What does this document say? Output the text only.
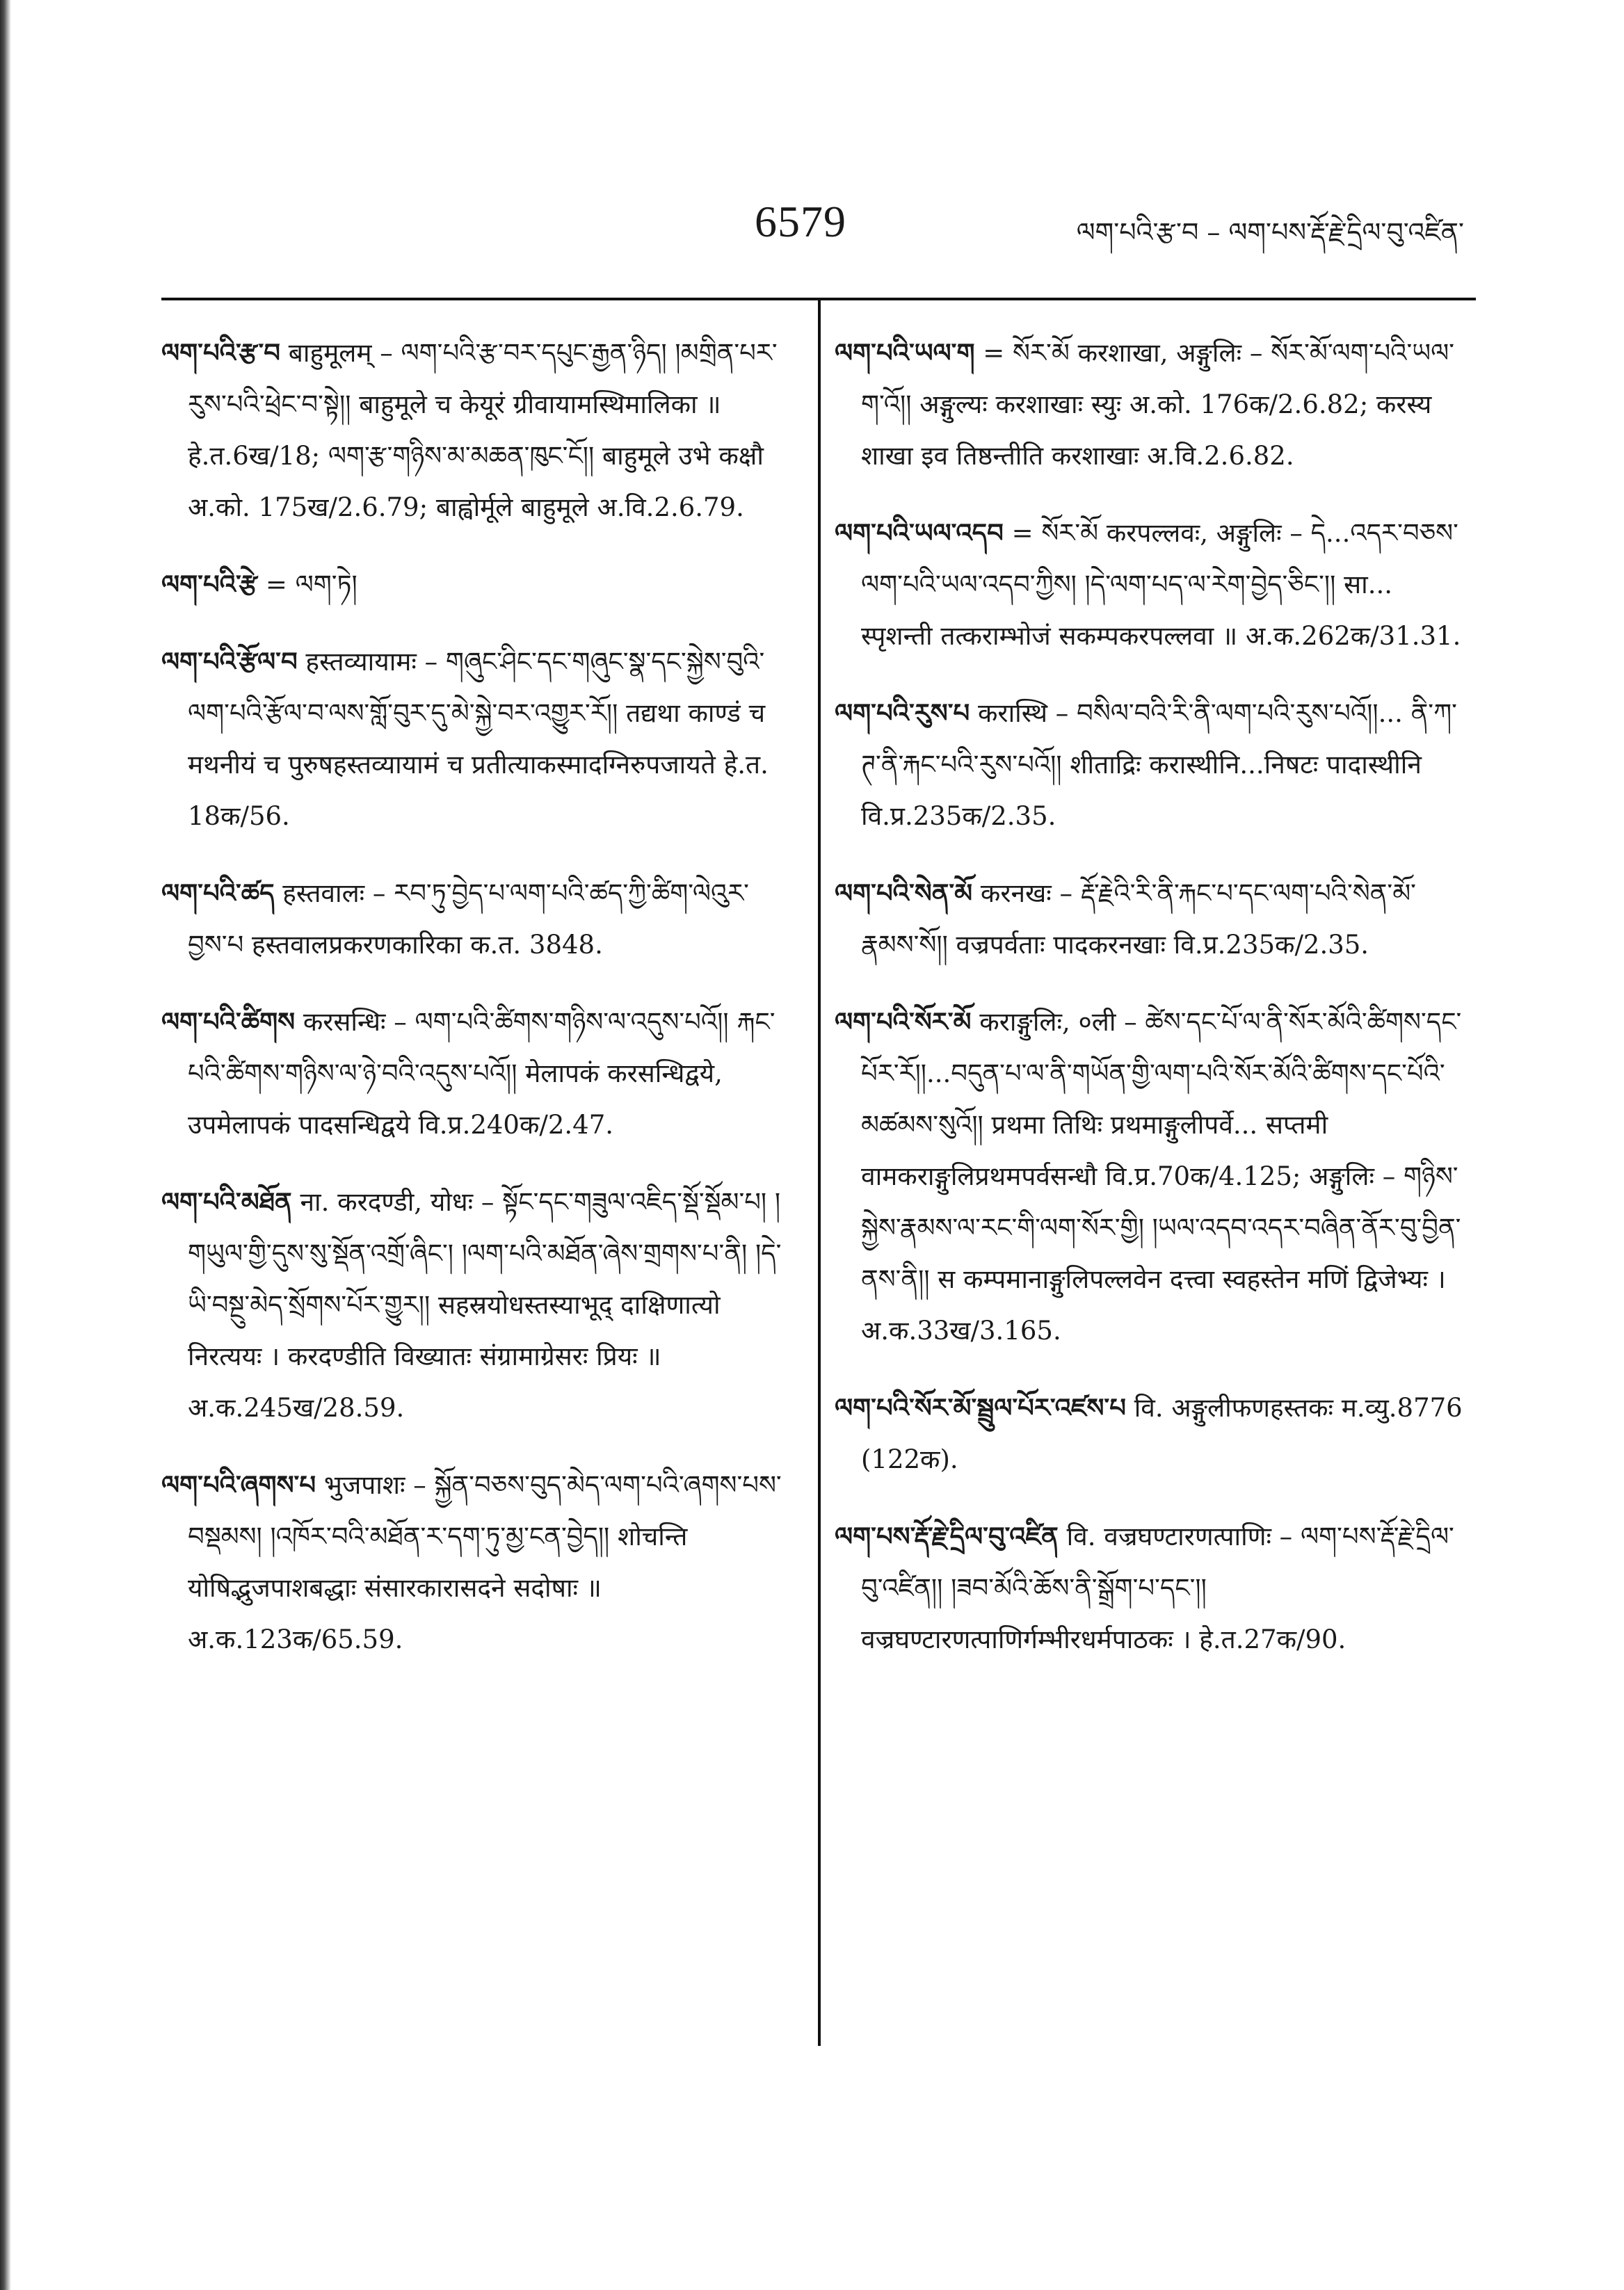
6579	ལག་པའི་རྩ་བ – ལག་པས་རྡོ་རྗེ་དྲིལ་བུ་འཛིན་

ལག་པའི་རྩ་བ बाहुमूलम् – ལག་པའི་རྩ་བར་དཔུང་རྒྱན་ཉིད། །མགྲིན་པར་རུས་པའི་ཕྲེང་བ་སྟེ།། बाहुमूले च केयूरं ग्रीवायामस्थिमालिका ॥ हे.त.6ख/18; ལག་རྩ་གཉིས་མ་མཆན་ཁུང་ངོ།། बाहुमूले उभे कक्षौ अ.को. 175ख/2.6.79; बाह्वोर्मूले बाहुमूले अ.वि.2.6.79.

ལག་པའི་རྩེ = ལག་ཏེ།

ལག་པའི་རྩོལ་བ हस्तव्यायामः – གཞུང་ཤིང་དང་གཞུང་སྣ་དང་སྐྱེས་བུའི་ལག་པའི་རྩོལ་བ་ལས་གློ་བུར་དུ་མེ་སྐྱེ་བར་འགྱུར་རོ།། तद्यथा काण्डं च मथनीयं च पुरुषहस्तव्यायामं च प्रतीत्याकस्मादग्निरुपजायते हे.त. 18क/56.

ལག་པའི་ཚད हस्तवालः – རབ་ཏུ་བྱེད་པ་ལག་པའི་ཚད་ཀྱི་ཚིག་ལེའུར་བྱས་པ हस्तवालप्रकरणकारिका क.त. 3848.

ལག་པའི་ཚིགས करसन्धिः – ལག་པའི་ཚིགས་གཉིས་ལ་འདུས་པའོ།། རྐང་པའི་ཚིགས་གཉིས་ལ་ཉེ་བའི་འདུས་པའོ།། मेलापकं करसन्धिद्वये, उपमेलापकं पादसन्धिद्वये वि.प्र.240क/2.47.

ལག་པའི་མཐོན ना. करदण्डी, योधः – སྟོང་དང་གཟུལ་འཇིད་སྡོ་སྡོམ་པ། །གཡུལ་གྱི་དུས་སུ་སྡོན་འགྲོ་ཞིང་། །ལག་པའི་མཐོན་ཞེས་གྲགས་པ་ནི། །དེ་ཡི་བསྔུ་མེད་སྲོགས་པོར་གྱུར།། सहस्रयोधस्तस्याभूद् दाक्षिणात्यो निरत्ययः । करदण्डीति विख्यातः संग्रामाग्रेसरः प्रियः ॥ अ.क.245ख/28.59.

ལག་པའི་ཞགས་པ भुजपाशः – སྐྱོན་བཅས་བུད་མེད་ལག་པའི་ཞགས་པས་བསྡམས། །འཁོར་བའི་མཐོན་ར་དག་ཏུ་མྱ་ངན་བྱེད།། शोचन्ति योषिद्भुजपाशबद्धाः संसारकारासदने सदोषाः ॥ अ.क.123क/65.59.

ལག་པའི་ཡལ་ག = སོར་མོ करशाखा, अङ्गुलिः – སོར་མོ་ལག་པའི་ཡལ་ག་འོ།། अङ्गुल्यः करशाखाः स्युः अ.को. 176क/2.6.82; करस्य शाखा इव तिष्ठन्तीति करशाखाः अ.वि.2.6.82.

ལག་པའི་ཡལ་འདབ = སོར་མོ करपल्लवः, अङ्गुलिः – དེ...འདར་བཅས་ལག་པའི་ཡལ་འདབ་ཀྱིས། །དེ་ལག་པད་ལ་རེག་བྱེད་ཅིང་།། सा... स्पृशन्ती तत्कराम्भोजं सकम्पकरपल्लवा ॥ अ.क.262क/31.31.

ལག་པའི་རུས་པ करास्थि – བསིལ་བའི་རི་ནི་ལག་པའི་རུས་པའོ།།... ནི་ཀ་ཊ་ནི་རྐང་པའི་རུས་པའོ།། शीताद्रिः करास्थीनि...निषटः पादास्थीनि वि.प्र.235क/2.35.

ལག་པའི་སེན་མོ करनखः – རྡོ་རྗེའི་རི་ནི་རྐང་པ་དང་ལག་པའི་སེན་མོ་རྣམས་སོ།། वज्रपर्वताः पादकरनखाः वि.प्र.235क/2.35.

ལག་པའི་སོར་མོ कराङ्गुलिः, ०ली – ཚེས་དང་པོ་ལ་ནི་སོར་མོའི་ཚིགས་དང་པོར་རོ།།...བདུན་པ་ལ་ནི་གཡོན་གྱི་ལག་པའི་སོར་མོའི་ཚིགས་དང་པོའི་མཚམས་སུའོ།། प्रथमा तिथिः प्रथमाङ्गुलीपर्वे... सप्तमी वामकराङ्गुलिप्रथमपर्वसन्धौ वि.प्र.70क/4.125; अङ्गुलिः – གཉིས་སྐྱེས་རྣམས་ལ་རང་གི་ལག་སོར་གྱི། །ཡལ་འདབ་འདར་བཞིན་ནོར་བུ་བྱིན་ནས་ནི།། स कम्पमानाङ्गुलिपल्लवेन दत्त्वा स्वहस्तेन मणिं द्विजेभ्यः । अ.क.33ख/3.165.

ལག་པའི་སོར་མོ་སྦྲུལ་པོར་འཛས་པ वि. अङ्गुलीफणहस्तकः म.व्यु.8776 (122क).

ལག་པས་རྡོ་རྗེ་དྲིལ་བུ་འཛིན वि. वज्रघण्टारणत्पाणिः – ལག་པས་རྡོ་རྗེ་དྲིལ་བུ་འཛིན།། །ཟབ་མོའི་ཆོས་ནི་སྒྲོག་པ་དང་།། वज्रघण्टारणत्पाणिर्गम्भीरधर्मपाठकः । हे.त.27क/90.
